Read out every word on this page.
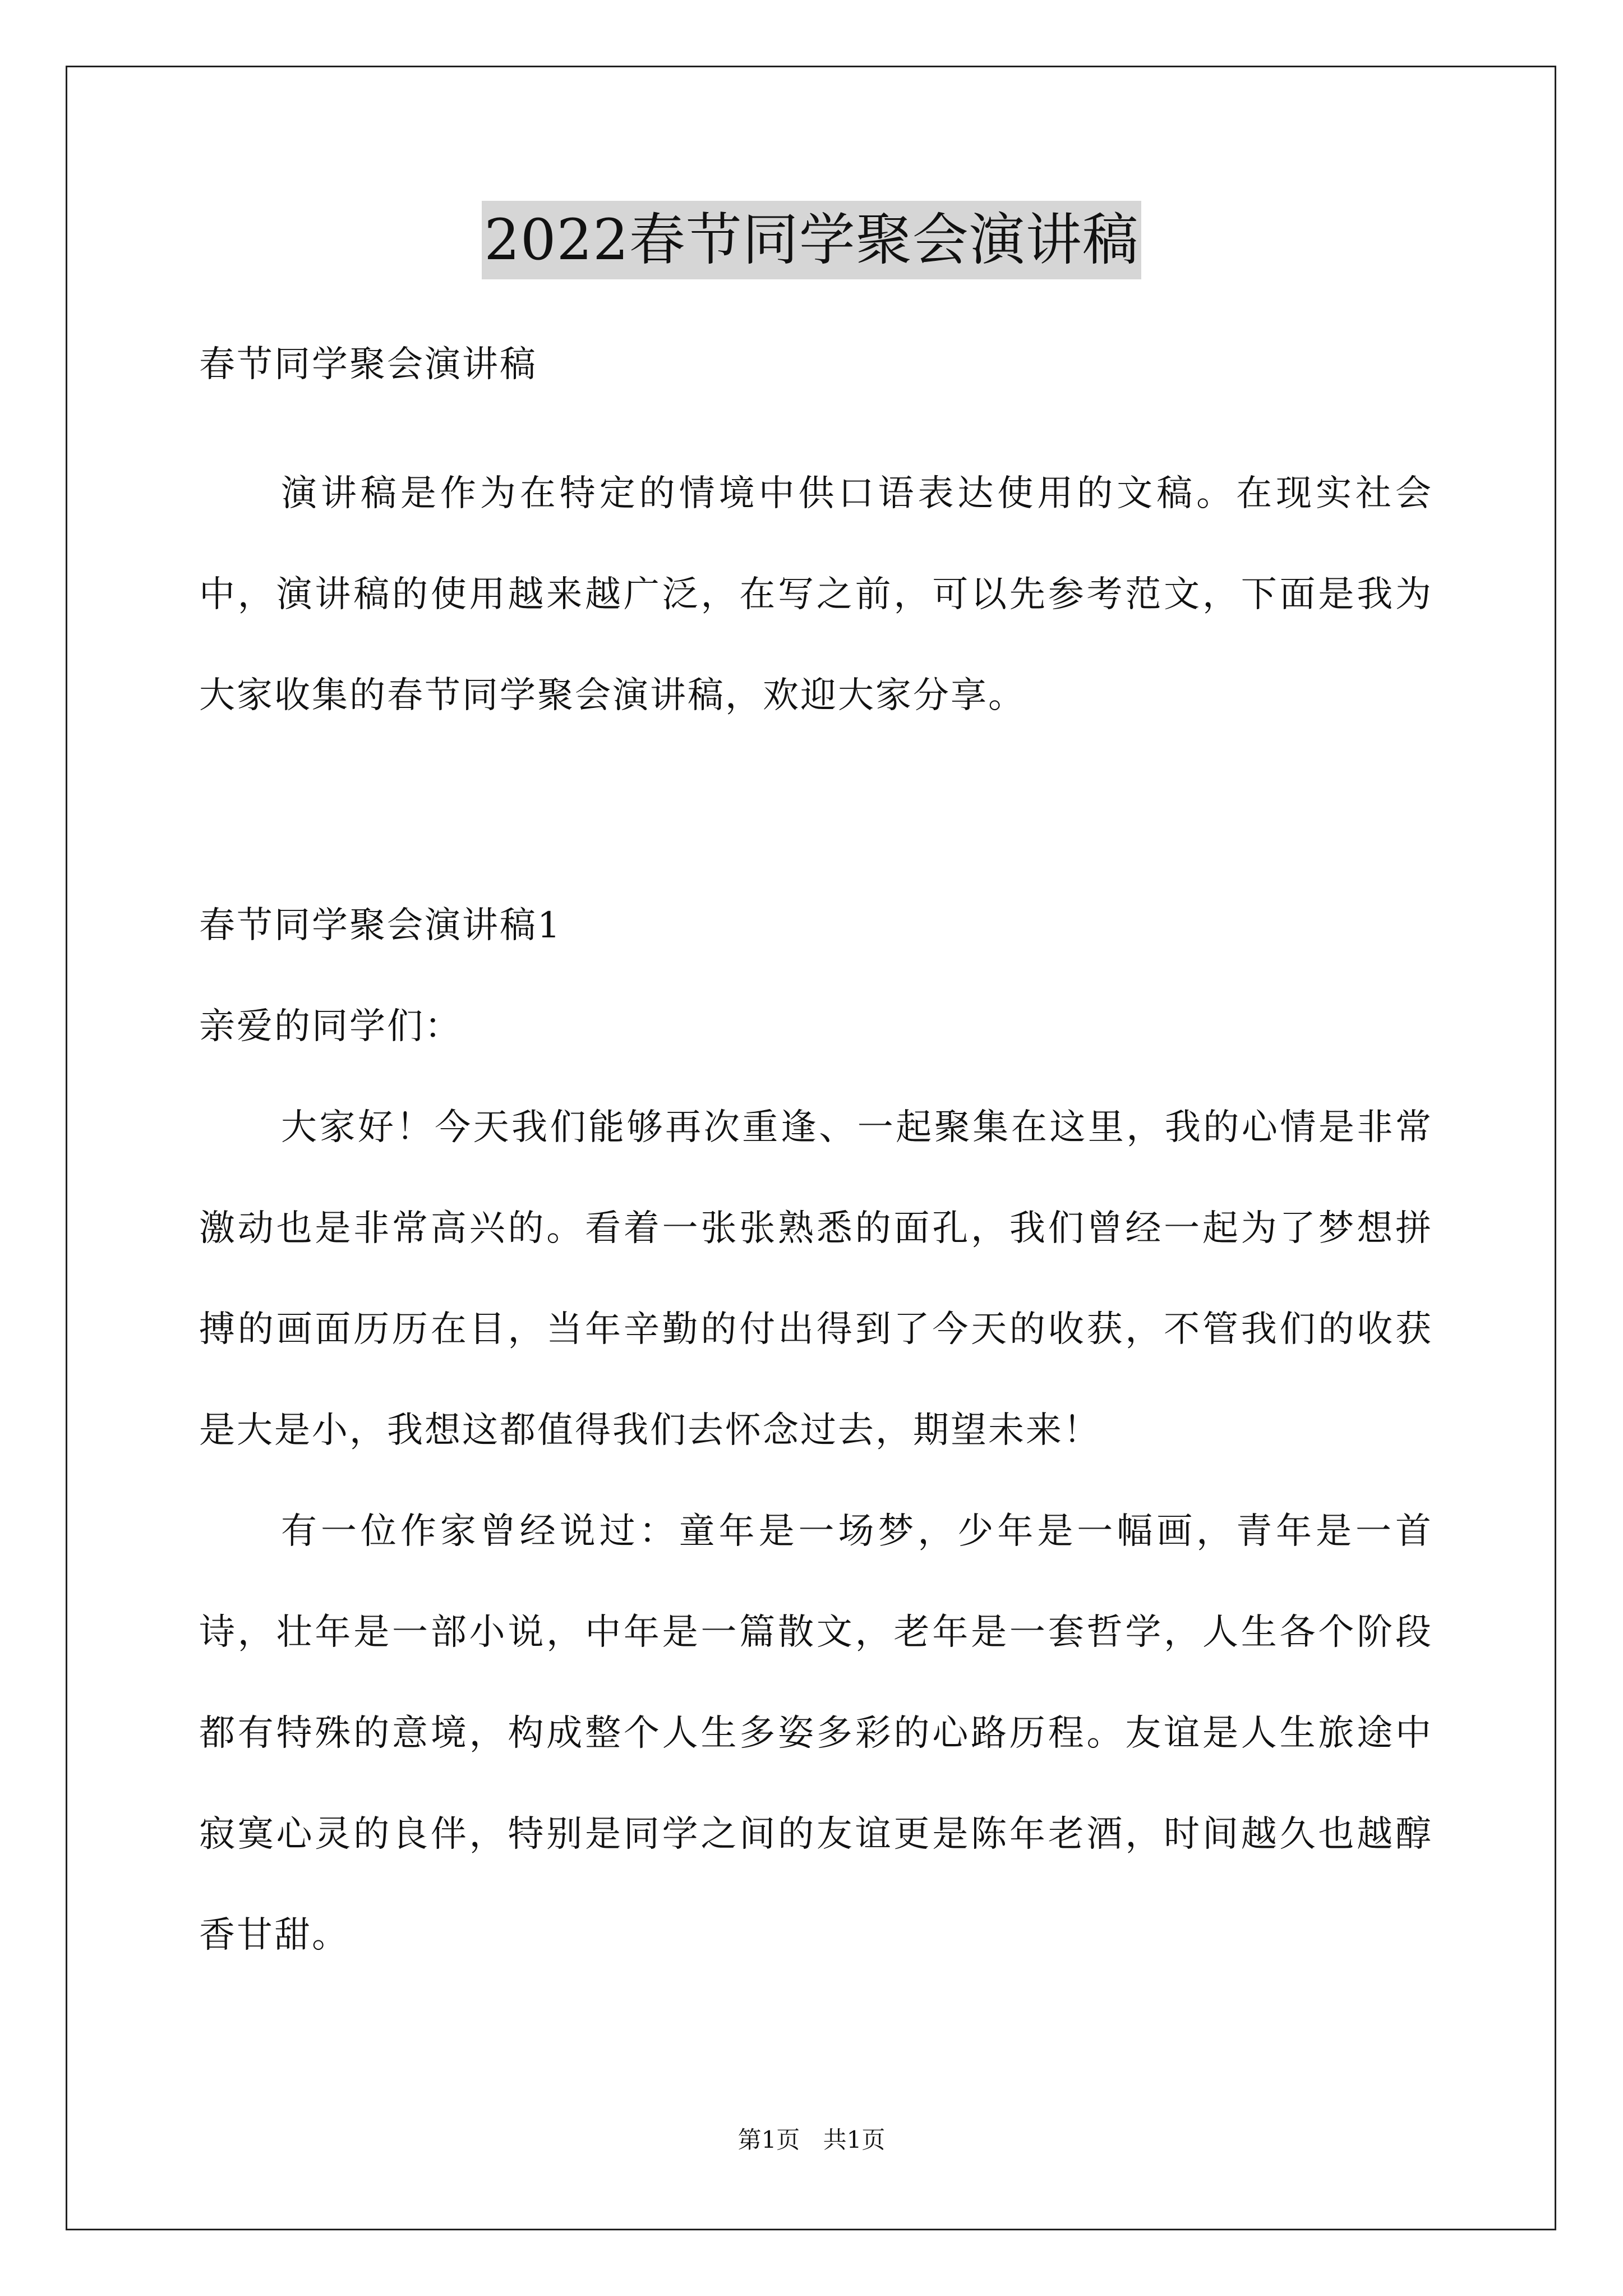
2022春节同学聚会演讲稿

春节同学聚会演讲稿

演讲稿是作为在特定的情境中供口语表达使用的文稿。在现实社会中，演讲稿的使用越来越广泛，在写之前，可以先参考范文，下面是我为大家收集的春节同学聚会演讲稿，欢迎大家分享。

春节同学聚会演讲稿1

亲爱的同学们：

大家好！今天我们能够再次重逢、一起聚集在这里，我的心情是非常激动也是非常高兴的。看着一张张熟悉的面孔，我们曾经一起为了梦想拼搏的画面历历在目，当年辛勤的付出得到了今天的收获，不管我们的收获是大是小，我想这都值得我们去怀念过去，期望未来！

有一位作家曾经说过：童年是一场梦，少年是一幅画，青年是一首诗，壮年是一部小说，中年是一篇散文，老年是一套哲学，人生各个阶段都有特殊的意境，构成整个人生多姿多彩的心路历程。友谊是人生旅途中寂寞心灵的良伴，特别是同学之间的友谊更是陈年老酒，时间越久也越醇香甘甜。

第1页 共1页
